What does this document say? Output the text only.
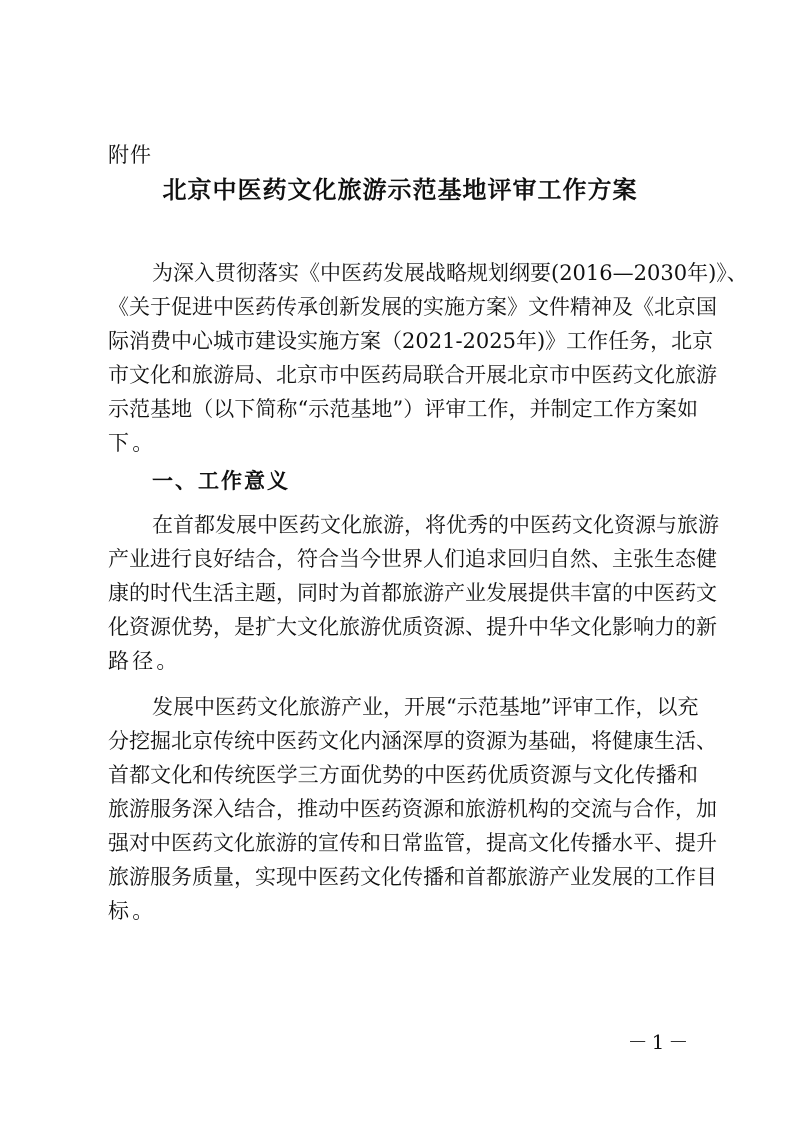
附件
北京中医药文化旅游示范基地评审工作方案
为深入贯彻落实《中医药发展战略规划纲要(2016—2030年)》、
《关于促进中医药传承创新发展的实施方案》文件精神及《北京国
际消费中心城市建设实施方案（2021-2025年)》工作任务，北京
市文化和旅游局、北京市中医药局联合开展北京市中医药文化旅游
示范基地（以下简称“示范基地”）评审工作，并制定工作方案如
下。
一、工作意义
在首都发展中医药文化旅游，将优秀的中医药文化资源与旅游
产业进行良好结合，符合当今世界人们追求回归自然、主张生态健
康的时代生活主题，同时为首都旅游产业发展提供丰富的中医药文
化资源优势，是扩大文化旅游优质资源、提升中华文化影响力的新
路径。
发展中医药文化旅游产业，开展“示范基地”评审工作，以充
分挖掘北京传统中医药文化内涵深厚的资源为基础，将健康生活、
首都文化和传统医学三方面优势的中医药优质资源与文化传播和
旅游服务深入结合，推动中医药资源和旅游机构的交流与合作，加
强对中医药文化旅游的宣传和日常监管，提高文化传播水平、提升
旅游服务质量，实现中医药文化传播和首都旅游产业发展的工作目
标。
－1－
